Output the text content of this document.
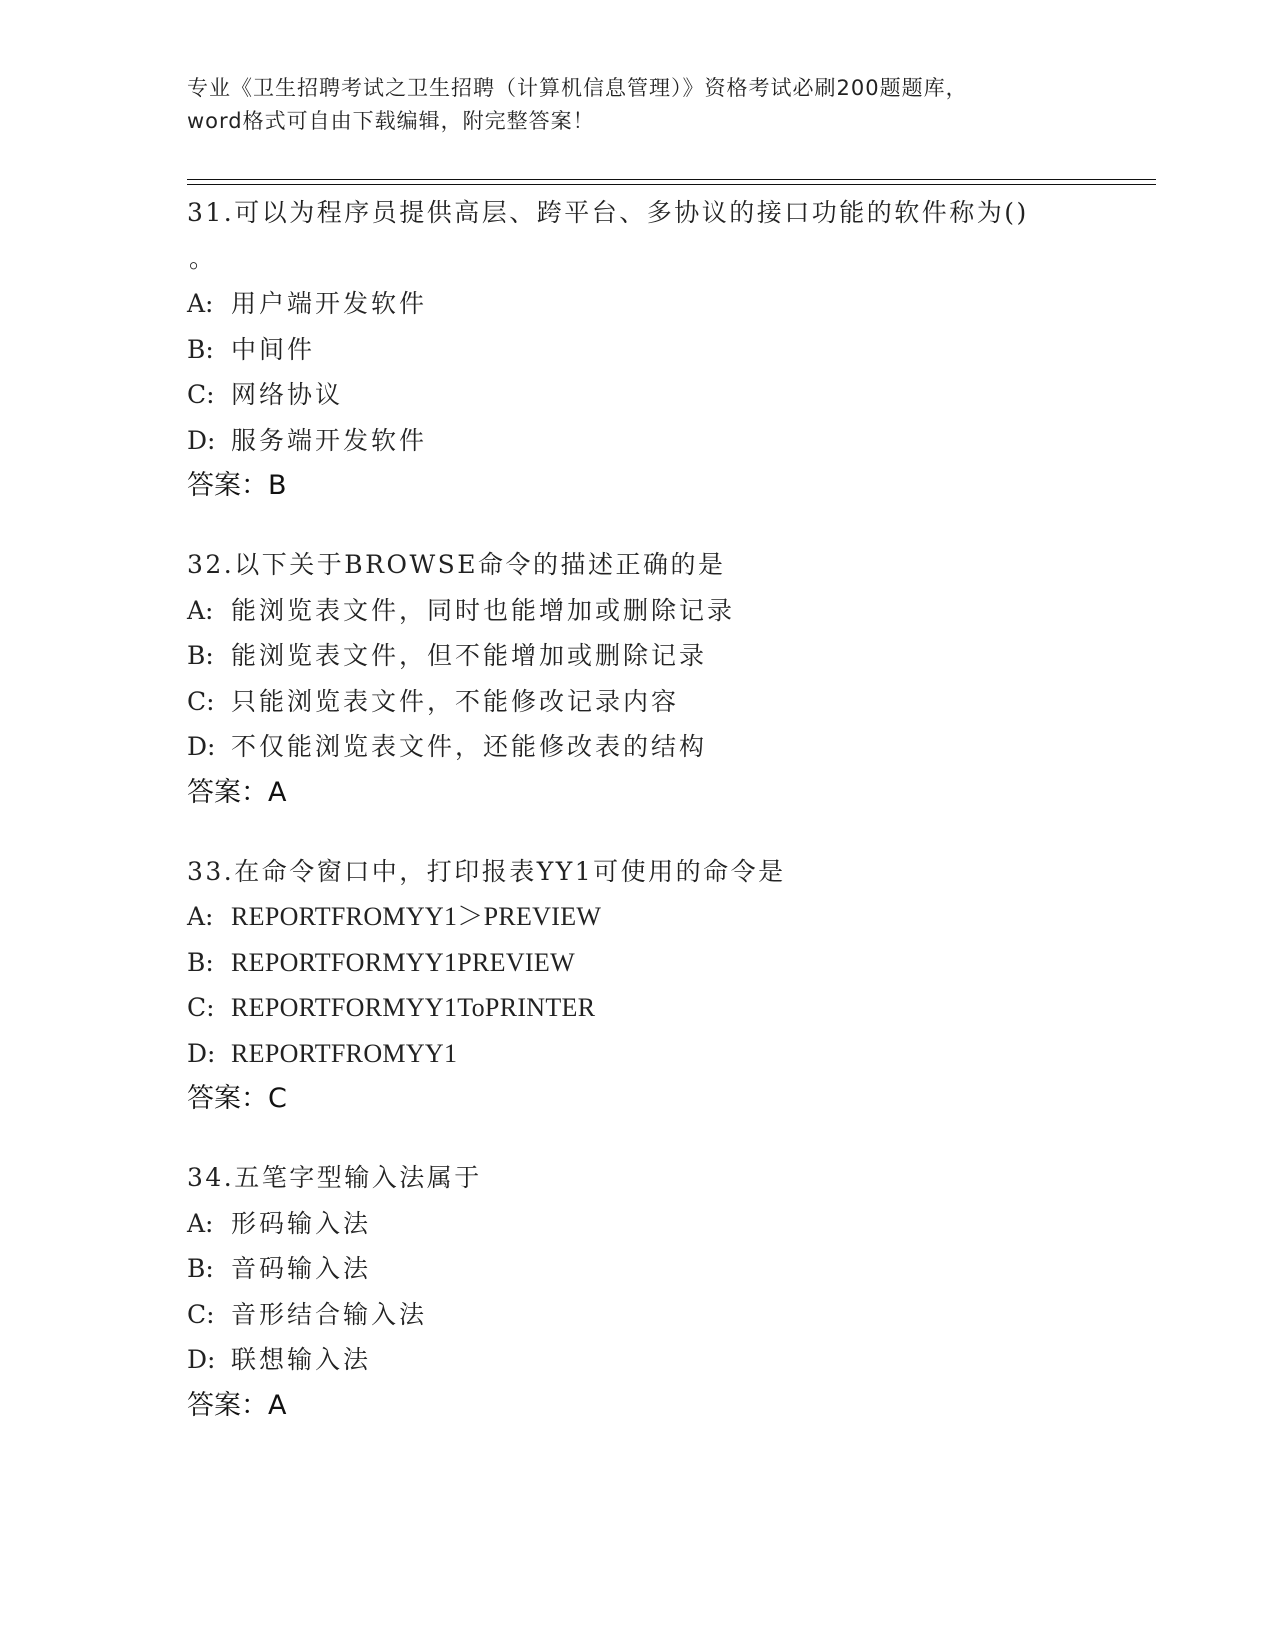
专业《卫生招聘考试之卫生招聘（计算机信息管理）》资格考试必刷200题题库，
word格式可自由下载编辑，附完整答案！
31.可以为程序员提供高层、跨平台、多协议的接口功能的软件称为()
。
A: 用户端开发软件
B: 中间件
C: 网络协议
D: 服务端开发软件
答案：B
32.以下关于BROWSE命令的描述正确的是
A: 能浏览表文件，同时也能增加或删除记录
B: 能浏览表文件，但不能增加或删除记录
C: 只能浏览表文件，不能修改记录内容
D: 不仅能浏览表文件，还能修改表的结构
答案：A
33.在命令窗口中，打印报表YY1可使用的命令是
A: REPORTFROMYY1＞PREVIEW
B: REPORTFORMYY1PREVIEW
C: REPORTFORMYY1ToPRINTER
D: REPORTFROMYY1
答案：C
34.五笔字型输入法属于
A: 形码输入法
B: 音码输入法
C: 音形结合输入法
D: 联想输入法
答案：A
